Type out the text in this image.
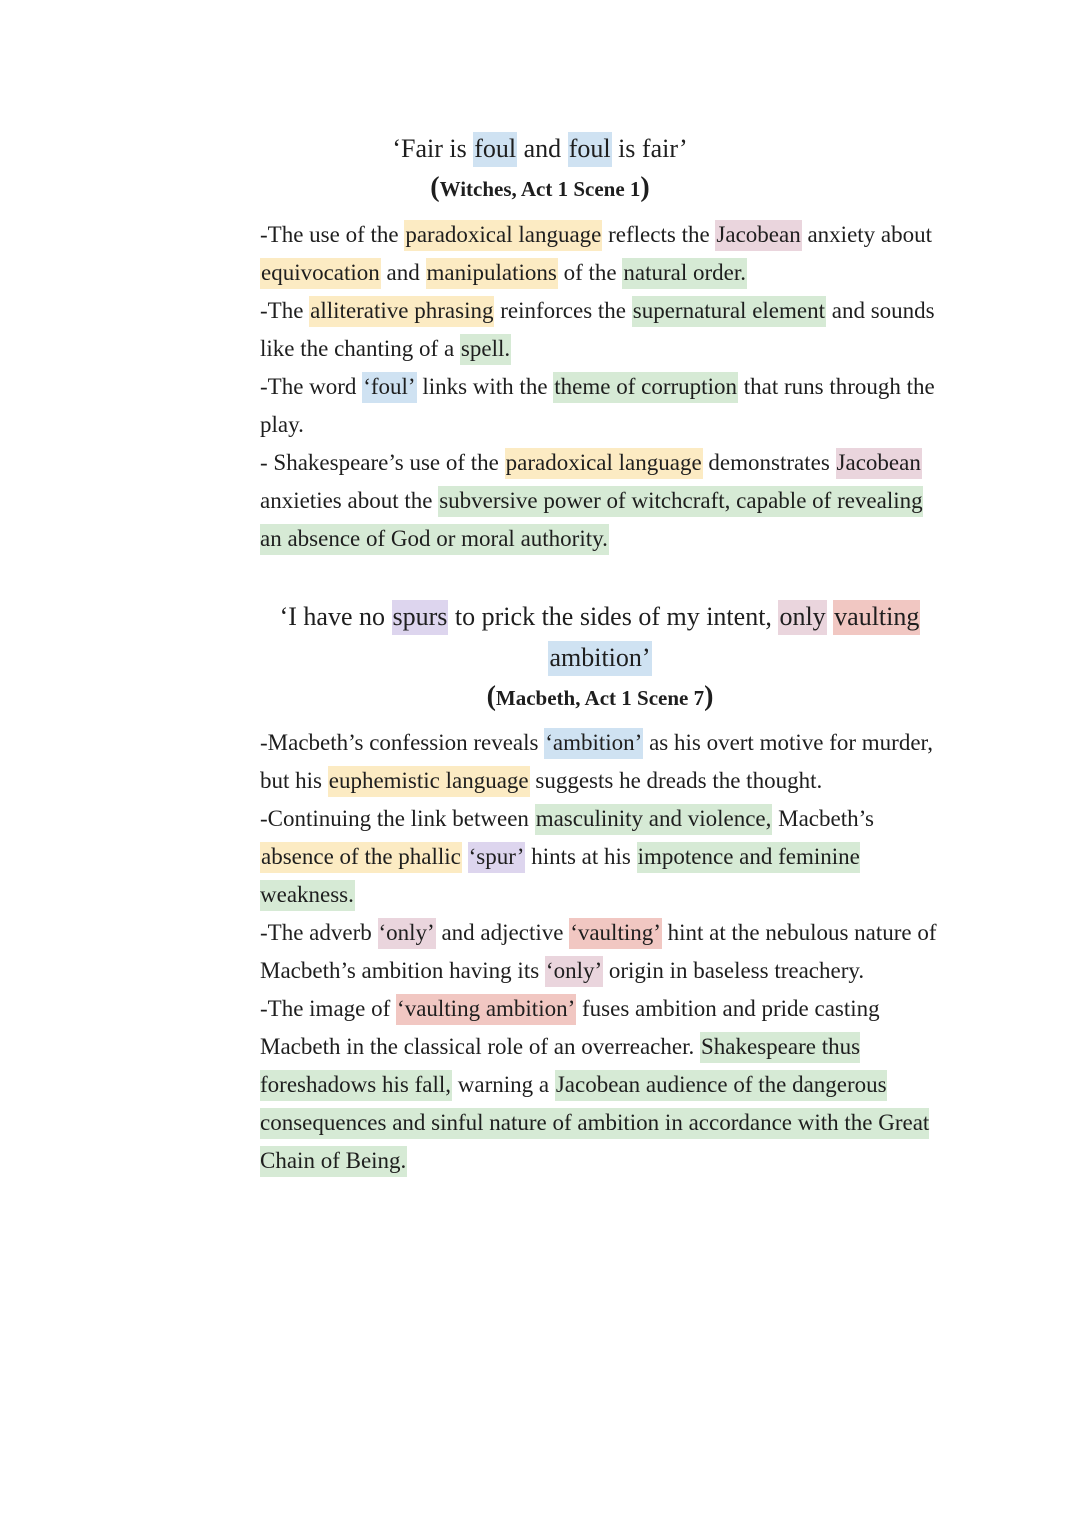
‘Fair is foul and foul is fair’
(Witches, Act 1 Scene 1)

-The use of the paradoxical language reflects the Jacobean anxiety about equivocation and manipulations of the natural order.

-The alliterative phrasing reinforces the supernatural element and sounds like the chanting of a spell.

-The word ‘foul’ links with the theme of corruption that runs through the play.

- Shakespeare’s use of the paradoxical language demonstrates Jacobean anxieties about the subversive power of witchcraft, capable of revealing an absence of God or moral authority.

‘I have no spurs to prick the sides of my intent, only vaulting ambition’
(Macbeth, Act 1 Scene 7)

-Macbeth’s confession reveals ‘ambition’ as his overt motive for murder, but his euphemistic language suggests he dreads the thought.

-Continuing the link between masculinity and violence, Macbeth’s absence of the phallic ‘spur’ hints at his impotence and feminine weakness.

-The adverb ‘only’ and adjective ‘vaulting’ hint at the nebulous nature of Macbeth’s ambition having its ‘only’ origin in baseless treachery.

-The image of ‘vaulting ambition’ fuses ambition and pride casting Macbeth in the classical role of an overreacher. Shakespeare thus foreshadows his fall, warning a Jacobean audience of the dangerous consequences and sinful nature of ambition in accordance with the Great Chain of Being.
